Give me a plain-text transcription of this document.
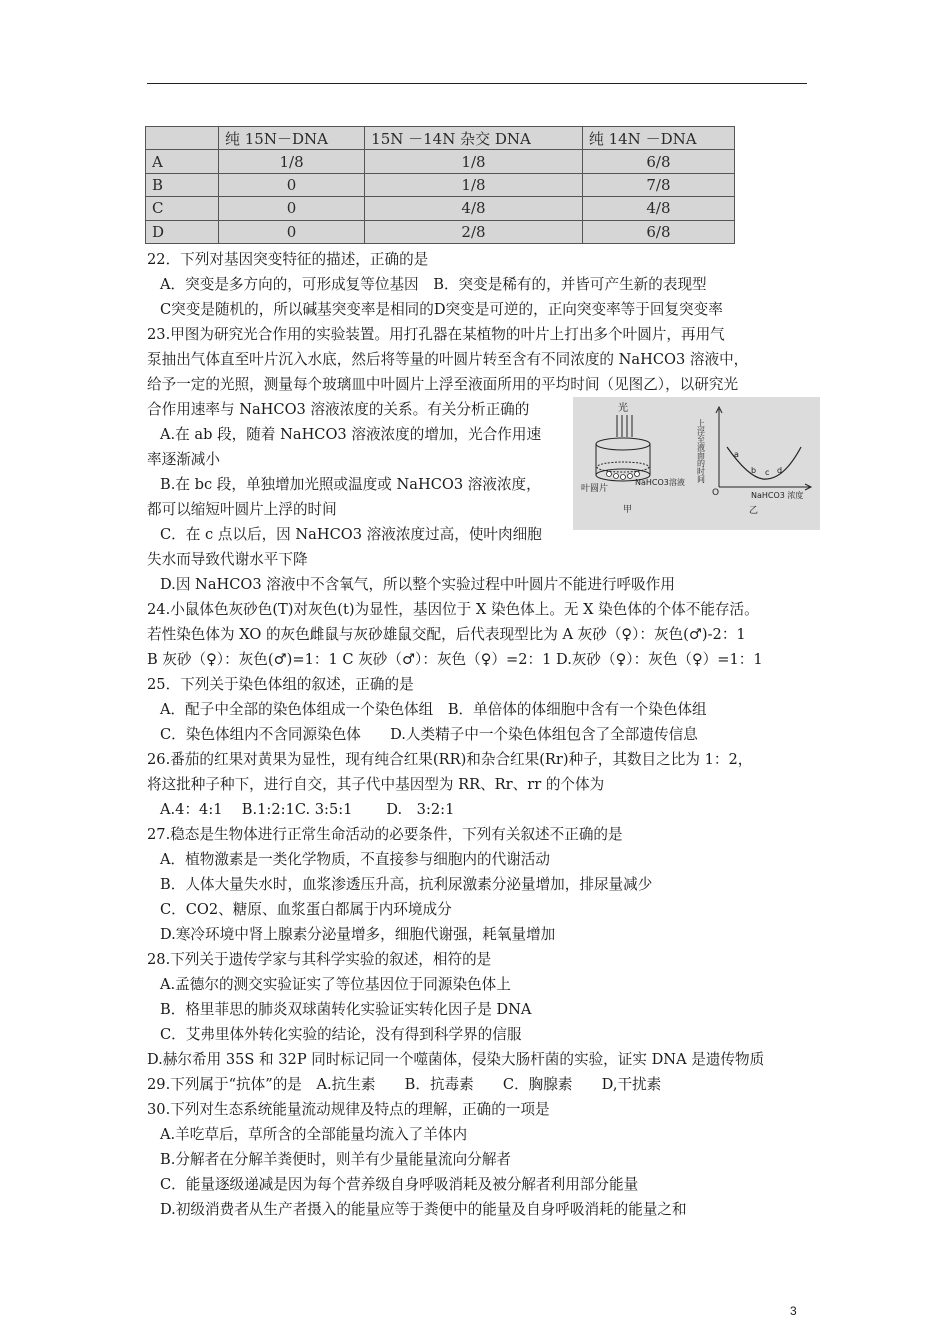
	纯 15N－DNA	15N －14N 杂交 DNA	纯 14N －DNA
A	1/8	1/8	6/8
B	0	1/8	7/8
C	0	4/8	4/8
D	0	2/8	6/8
22．下列对基因突变特征的描述，正确的是
A．突变是多方向的，可形成复等位基因　B．突变是稀有的，并皆可产生新的表现型
C突变是随机的，所以碱基突变率是相同的D突变是可逆的，正向突变率等于回复突变率
23.甲图为研究光合作用的实验装置。用打孔器在某植物的叶片上打出多个叶圆片，再用气
泵抽出气体直至叶片沉入水底，然后将等量的叶圆片转至含有不同浓度的 NaHCO3 溶液中，
给予一定的光照，测量每个玻璃皿中叶圆片上浮至液面所用的平均时间（见图乙），以研究光
合作用速率与 NaHCO3 溶液浓度的关系。有关分析正确的
A.在 ab 段，随着 NaHCO3 溶液浓度的增加，光合作用速
率逐渐减小
B.在 bc 段，单独增加光照或温度或 NaHCO3 溶液浓度，
都可以缩短叶圆片上浮的时间
C．在 c 点以后，因 NaHCO3 溶液浓度过高，使叶肉细胞
失水而导致代谢水平下降
D.因 NaHCO3 溶液中不含氧气，所以整个实验过程中叶圆片不能进行呼吸作用
24.小鼠体色灰砂色(T)对灰色(t)为显性，基因位于 X 染色体上。无 X 染色体的个体不能存活。
若性染色体为 XO 的灰色雌鼠与灰砂雄鼠交配，后代表现型比为 A 灰砂（♀）：灰色(♂)-2：1
B 灰砂（♀）：灰色(♂)=1：1 C 灰砂（♂）：灰色（♀）=2：1 D.灰砂（♀）：灰色（♀）=1：1
25．下列关于染色体组的叙述，正确的是
A．配子中全部的染色体组成一个染色体组　B．单倍体的体细胞中含有一个染色体组
C．染色体组内不含同源染色体　　D.人类精子中一个染色体组包含了全部遗传信息
26.番茄的红果对黄果为显性，现有纯合红果(RR)和杂合红果(Rr)种子，其数目之比为 1：2，
将这批种子种下，进行自交，其子代中基因型为 RR、Rr、rr 的个体为
A.4：4:1　 B.1:2:1C. 3:5:1　　 D.　3:2:1
27.稳态是生物体进行正常生命活动的必要条件，下列有关叙述不正确的是
A．植物激素是一类化学物质，不直接参与细胞内的代谢活动
B．人体大量失水时，血浆渗透压升高，抗利尿激素分泌量增加，排尿量减少
C．CO2、糖原、血浆蛋白都属于内环境成分
D.寒冷环境中肾上腺素分泌量增多，细胞代谢强，耗氧量增加
28.下列关于遗传学家与其科学实验的叙述，相符的是
A.孟德尔的测交实验证实了等位基因位于同源染色体上
B．格里菲思的肺炎双球菌转化实验证实转化因子是 DNA
C．艾弗里体外转化实验的结论，没有得到科学界的信服
D.赫尔希用 35S 和 32P 同时标记同一个噬菌体，侵染大肠杆菌的实验，证实 DNA 是遗传物质
29.下列属于“抗体”的是　A.抗生素　　B．抗毒素　　C．胸腺素　　D,干扰素
30.下列对生态系统能量流动规律及特点的理解，正确的一项是
A.羊吃草后，草所含的全部能量均流入了羊体内
B.分解者在分解羊粪便时，则羊有少量能量流向分解者
C．能量逐级递减是因为每个营养级自身呼吸消耗及被分解者利用部分能量
D.初级消费者从生产者摄入的能量应等于粪便中的能量及自身呼吸消耗的能量之和
光
叶圆片
NaHCO3溶液
甲
上浮至液面的时间
O
a
b c d
NaHCO3 浓度
乙
3
